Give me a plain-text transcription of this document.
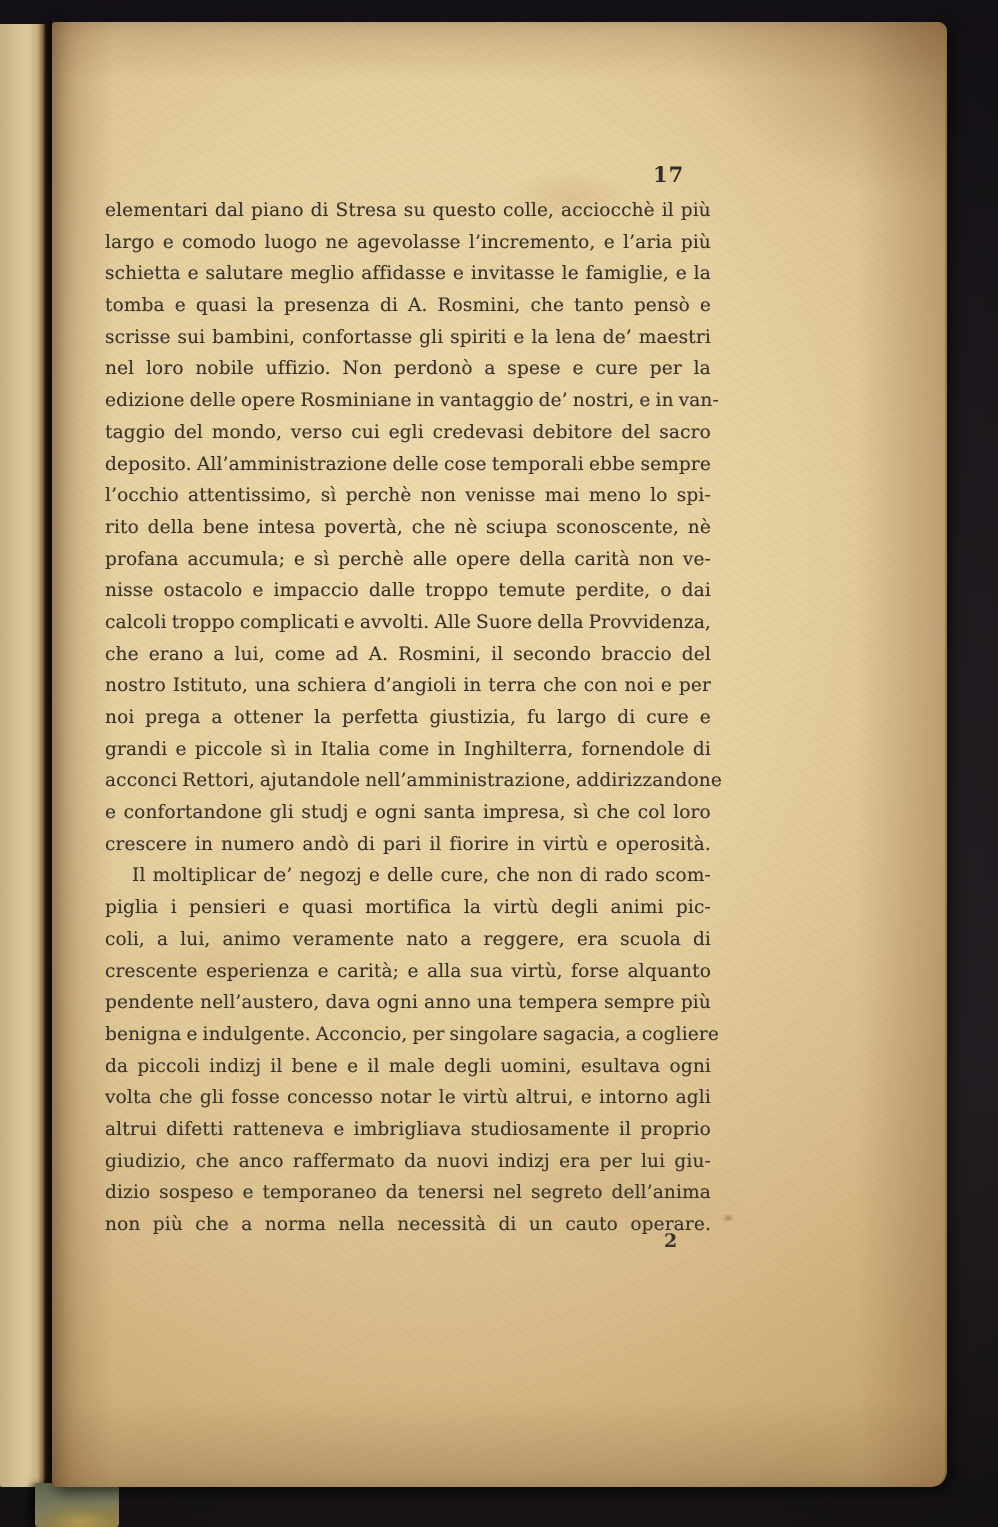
17
elementari dal piano di Stresa su questo colle, acciocchè il più
largo e comodo luogo ne agevolasse l’incremento, e l’aria più
schietta e salutare meglio affidasse e invitasse le famiglie, e la
tomba e quasi la presenza di A. Rosmini, che tanto pensò e
scrisse sui bambini, confortasse gli spiriti e la lena de’ maestri
nel loro nobile uffizio. Non perdonò a spese e cure per la
edizione delle opere Rosminiane in vantaggio de’ nostri, e in van-
taggio del mondo, verso cui egli credevasi debitore del sacro
deposito. All’amministrazione delle cose temporali ebbe sempre
l’occhio attentissimo, sì perchè non venisse mai meno lo spi-
rito della bene intesa povertà, che nè sciupa sconoscente, nè
profana accumula; e sì perchè alle opere della carità non ve-
nisse ostacolo e impaccio dalle troppo temute perdite, o dai
calcoli troppo complicati e avvolti. Alle Suore della Provvidenza,
che erano a lui, come ad A. Rosmini, il secondo braccio del
nostro Istituto, una schiera d’angioli in terra che con noi e per
noi prega a ottener la perfetta giustizia, fu largo di cure e
grandi e piccole sì in Italia come in Inghilterra, fornendole di
acconci Rettori, ajutandole nell’amministrazione, addirizzandone
e confortandone gli studj e ogni santa impresa, sì che col loro
crescere in numero andò di pari il fiorire in virtù e operosità.
Il moltiplicar de’ negozj e delle cure, che non di rado scom-
piglia i pensieri e quasi mortifica la virtù degli animi pic-
coli, a lui, animo veramente nato a reggere, era scuola di
crescente esperienza e carità; e alla sua virtù, forse alquanto
pendente nell’austero, dava ogni anno una tempera sempre più
benigna e indulgente. Acconcio, per singolare sagacia, a cogliere
da piccoli indizj il bene e il male degli uomini, esultava ogni
volta che gli fosse concesso notar le virtù altrui, e intorno agli
altrui difetti ratteneva e imbrigliava studiosamente il proprio
giudizio, che anco raffermato da nuovi indizj era per lui giu-
dizio sospeso e temporaneo da tenersi nel segreto dell’anima
non più che a norma nella necessità di un cauto operare.
2
